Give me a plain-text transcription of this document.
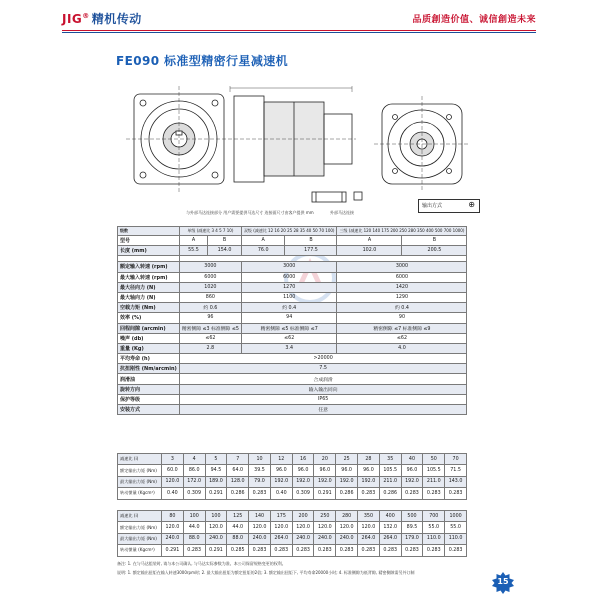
JIG® 精机传动	品质創造价值、诚信創造未来
FE090 标准型精密行星减速机
输出方式	⊕
与外部马达连接部分 用户需要提供马达尺寸 连接面尺寸由客户提供 mm	外部马达连接
级数	单级 (减速比 3 4 5 7 10)		双级 (减速比 12 16 20 25 28 35 40 50 70 100)		三级 (减速比 120 140 175 200 250 280 350 400 500 700 1000)	
型号	A	B	A	B	A	B
长度 (mm)	55.5	154.0	76.0	177.5	102.0	200.5

额定输入转速 (rpm)	3000		3000		3000	
最大输入转速 (rpm)	6000		6000		6000	
最大径向力 (N)	1020		1270		1420	
最大轴向力 (N)	860		1100		1290	
空载力矩 (Nm)	约 0.6		约 0.4		约 0.4	
效率 (%)	96		94		90	
回程间隙 (arcmin)	精密侧隙 ≤3 标准侧隙 ≤5		精密侧隙 ≤5 标准侧隙 ≤7		精密侧隙 ≤7 标准侧隙 ≤9	
噪声 (db)	≤62		≤62		≤62	
重量 (Kg)	2.8		3.4		4.0	
平均寿命 (h)	>20000					
抗扭刚性 (Nm/arcmin)	7.5					
润滑油	合成润滑					
旋转方向	输入输出同向					
保护等级	IP65					
安装方式	任意					
减速比 (i)	3	4	5	7	10	12	16	20	25	28	35	40	50	70
额定输出力矩 (Nm)	60.0	86.0	94.5	64.0	39.5	96.0	96.0	96.0	96.0	96.0	105.5	96.0	105.5	71.5
最大输出力矩 (Nm)	120.0	172.0	189.0	128.0	79.0	192.0	192.0	192.0	192.0	192.0	211.0	192.0	211.0	143.0
转动惯量 (Kgcm²)	0.40	0.309	0.291	0.286	0.283	0.40	0.309	0.291	0.286	0.283	0.286	0.283	0.283	0.283
减速比 (i)	80	100	100	125	140	175	200	250	280	350	400	500	700	1000
额定输出力矩 (Nm)	120.0	44.0	120.0	44.0	120.0	120.0	120.0	120.0	120.0	120.0	132.0	89.5	55.0	55.0
最大输出力矩 (Nm)	240.0	88.0	240.0	88.0	240.0	264.0	240.0	240.0	240.0	264.0	264.0	179.0	110.0	110.0
转动惯量 (Kgcm²)	0.291	0.283	0.291	0.285	0.283	0.283	0.283	0.283	0.283	0.283	0.283	0.283	0.283	0.283
备注: 1. 在与马达组装时, 请与本公司确认, 与马达实际参数为准。本公司保留规格变更的权利。
说明: 1. 额定输出扭矩在输入转速3000rpm时; 2. 最大输出扭矩为额定扭矩的2倍; 3. 额定输出扭矩下, 平均寿命20000小时; 4. 标准侧隙为低背隙, 精密侧隙需另外订制
15
